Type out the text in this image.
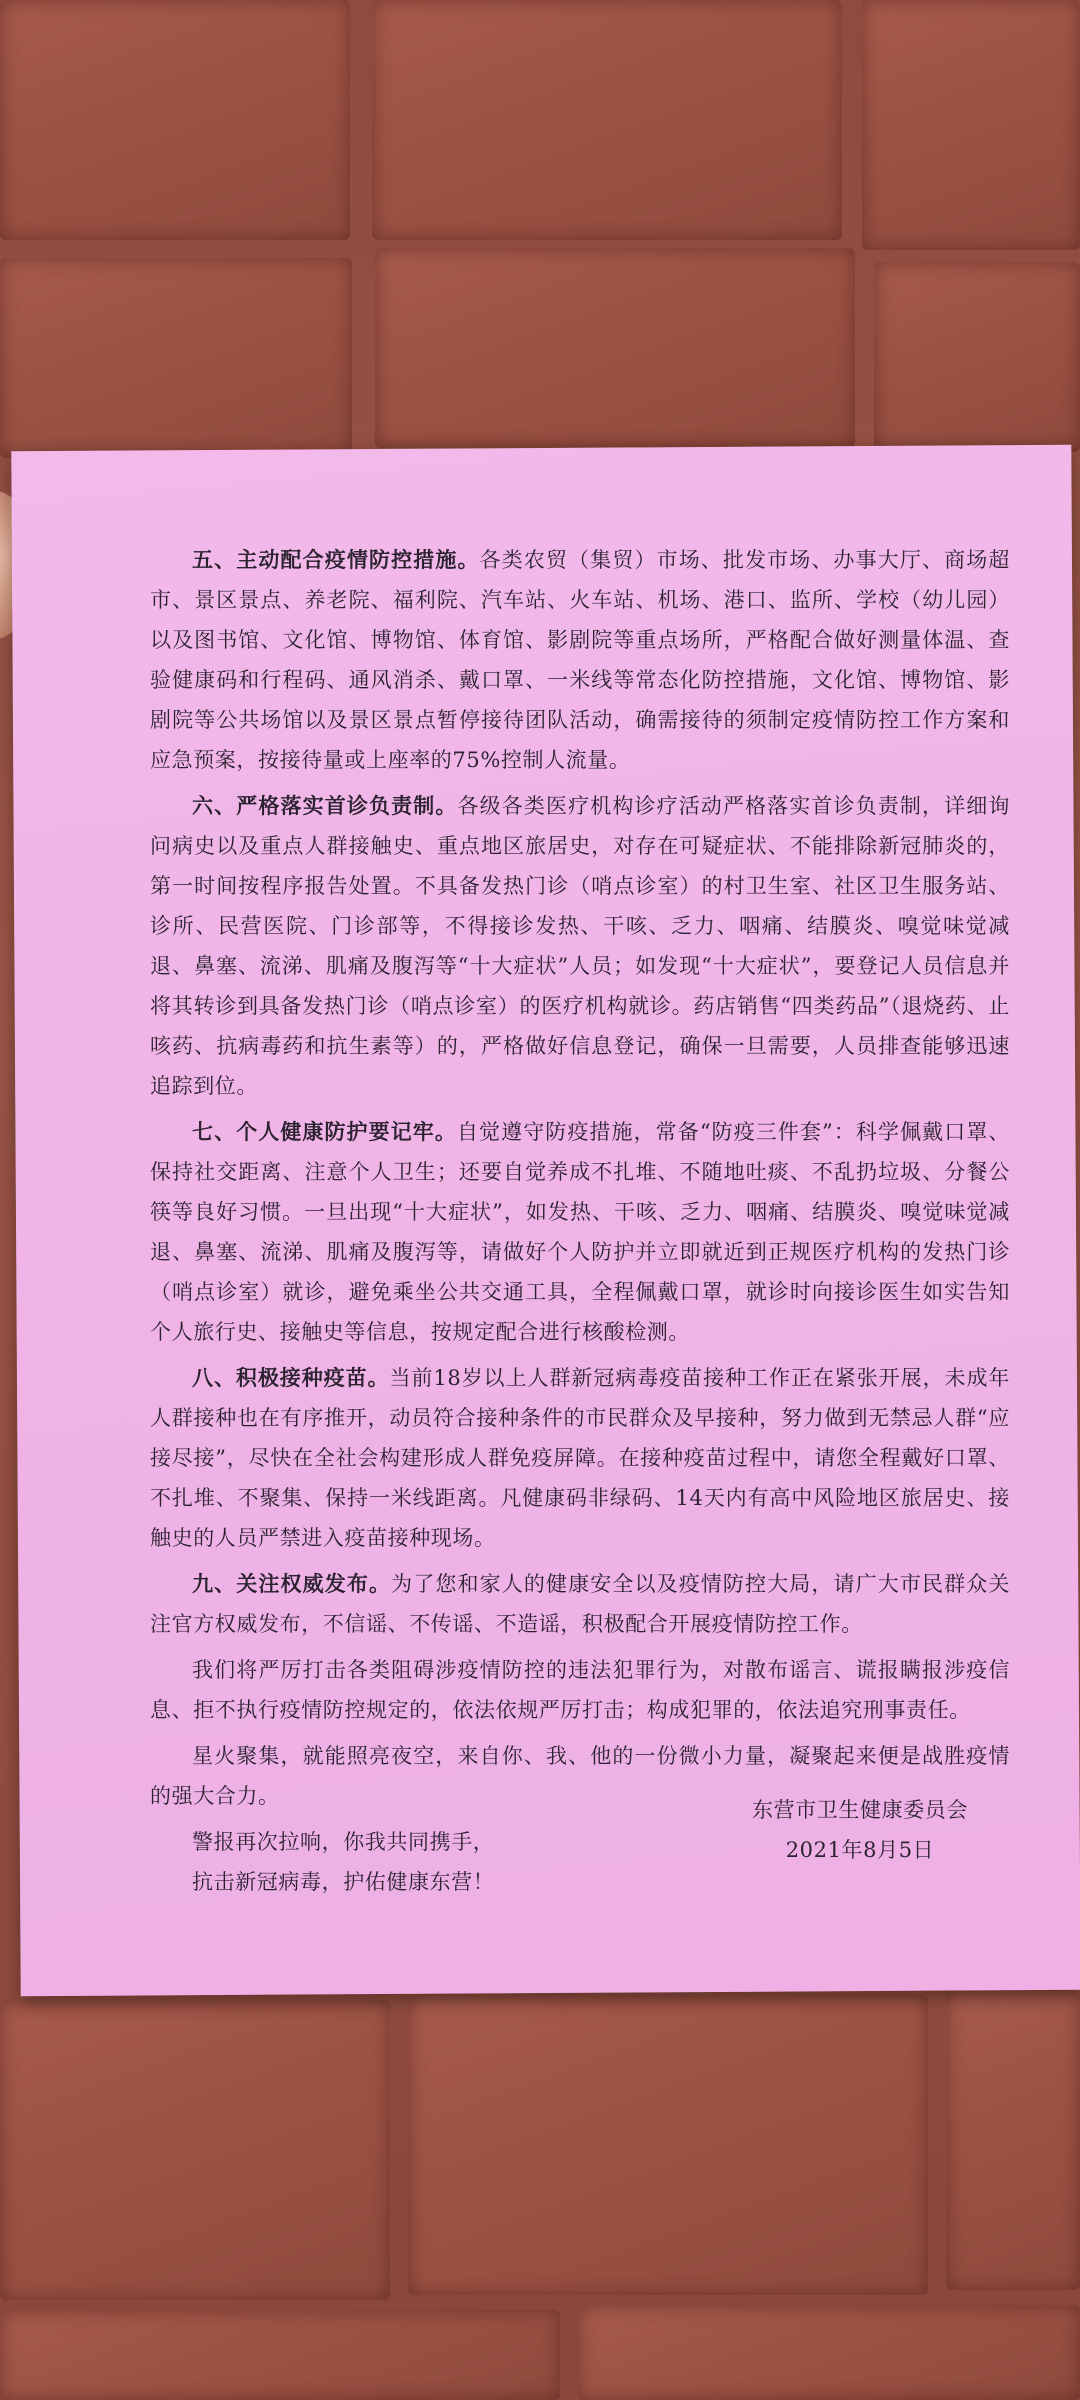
五、主动配合疫情防控措施。各类农贸（集贸）市场、批发市场、办事大厅、商场超市、景区景点、养老院、福利院、汽车站、火车站、机场、港口、监所、学校（幼儿园）以及图书馆、文化馆、博物馆、体育馆、影剧院等重点场所，严格配合做好测量体温、查验健康码和行程码、通风消杀、戴口罩、一米线等常态化防控措施，文化馆、博物馆、影剧院等公共场馆以及景区景点暂停接待团队活动，确需接待的须制定疫情防控工作方案和应急预案，按接待量或上座率的75%控制人流量。

六、严格落实首诊负责制。各级各类医疗机构诊疗活动严格落实首诊负责制，详细询问病史以及重点人群接触史、重点地区旅居史，对存在可疑症状、不能排除新冠肺炎的，第一时间按程序报告处置。不具备发热门诊（哨点诊室）的村卫生室、社区卫生服务站、诊所、民营医院、门诊部等，不得接诊发热、干咳、乏力、咽痛、结膜炎、嗅觉味觉减退、鼻塞、流涕、肌痛及腹泻等“十大症状”人员；如发现“十大症状”，要登记人员信息并将其转诊到具备发热门诊（哨点诊室）的医疗机构就诊。药店销售“四类药品”（退烧药、止咳药、抗病毒药和抗生素等）的，严格做好信息登记，确保一旦需要，人员排查能够迅速追踪到位。

七、个人健康防护要记牢。自觉遵守防疫措施，常备“防疫三件套”：科学佩戴口罩、保持社交距离、注意个人卫生；还要自觉养成不扎堆、不随地吐痰、不乱扔垃圾、分餐公筷等良好习惯。一旦出现“十大症状”，如发热、干咳、乏力、咽痛、结膜炎、嗅觉味觉减退、鼻塞、流涕、肌痛及腹泻等，请做好个人防护并立即就近到正规医疗机构的发热门诊（哨点诊室）就诊，避免乘坐公共交通工具，全程佩戴口罩，就诊时向接诊医生如实告知个人旅行史、接触史等信息，按规定配合进行核酸检测。

八、积极接种疫苗。当前18岁以上人群新冠病毒疫苗接种工作正在紧张开展，未成年人群接种也在有序推开，动员符合接种条件的市民群众及早接种，努力做到无禁忌人群“应接尽接”，尽快在全社会构建形成人群免疫屏障。在接种疫苗过程中，请您全程戴好口罩、不扎堆、不聚集、保持一米线距离。凡健康码非绿码、14天内有高中风险地区旅居史、接触史的人员严禁进入疫苗接种现场。

九、关注权威发布。为了您和家人的健康安全以及疫情防控大局，请广大市民群众关注官方权威发布，不信谣、不传谣、不造谣，积极配合开展疫情防控工作。

我们将严厉打击各类阻碍涉疫情防控的违法犯罪行为，对散布谣言、谎报瞒报涉疫信息、拒不执行疫情防控规定的，依法依规严厉打击；构成犯罪的，依法追究刑事责任。

星火聚集，就能照亮夜空，来自你、我、他的一份微小力量，凝聚起来便是战胜疫情的强大合力。

警报再次拉响，你我共同携手，

抗击新冠病毒，护佑健康东营！

东营市卫生健康委员会
2021年8月5日
